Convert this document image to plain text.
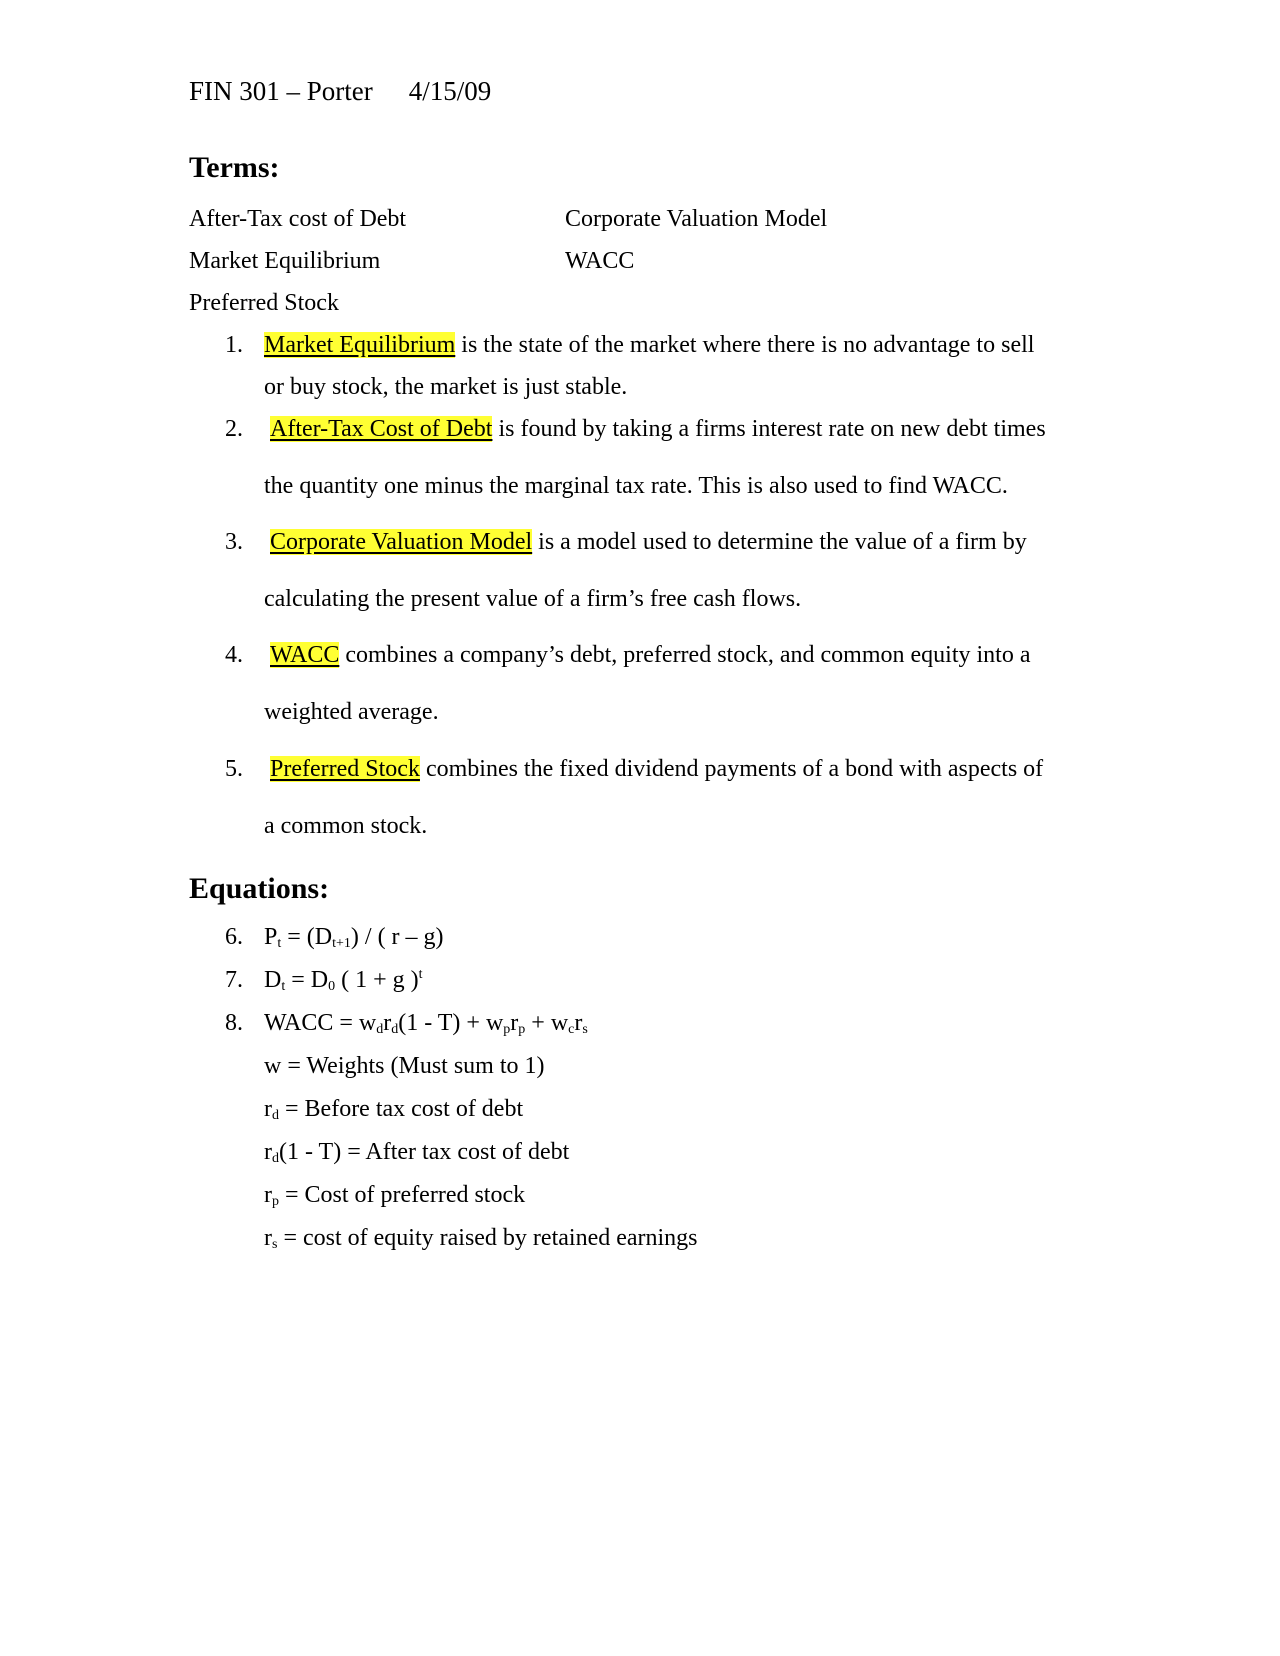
FIN 301 – Porter 4/15/09
Terms:
After-Tax cost of Debt	Corporate Valuation Model
Market Equilibrium	WACC
Preferred Stock
1. Market Equilibrium is the state of the market where there is no advantage to sell
or buy stock, the market is just stable.
2. After-Tax Cost of Debt is found by taking a firms interest rate on new debt times
the quantity one minus the marginal tax rate. This is also used to find WACC.
3. Corporate Valuation Model is a model used to determine the value of a firm by
calculating the present value of a firm’s free cash flows.
4. WACC combines a company’s debt, preferred stock, and common equity into a
weighted average.
5. Preferred Stock combines the fixed dividend payments of a bond with aspects of
a common stock.
Equations:
6. $P_t = (D_{t+1})$ / ( r – g)
7. $D_t = D_0$ ( 1 + g )$^t$
8. WACC = $w_dr_d(1 - T) + w_pr_p + w_cr_s$
w = Weights (Must sum to 1)
$r_d$ = Before tax cost of debt
$r_d(1 - T)$ = After tax cost of debt
$r_p$ = Cost of preferred stock
$r_s = \cos t$ of equity raised by retained earnings
